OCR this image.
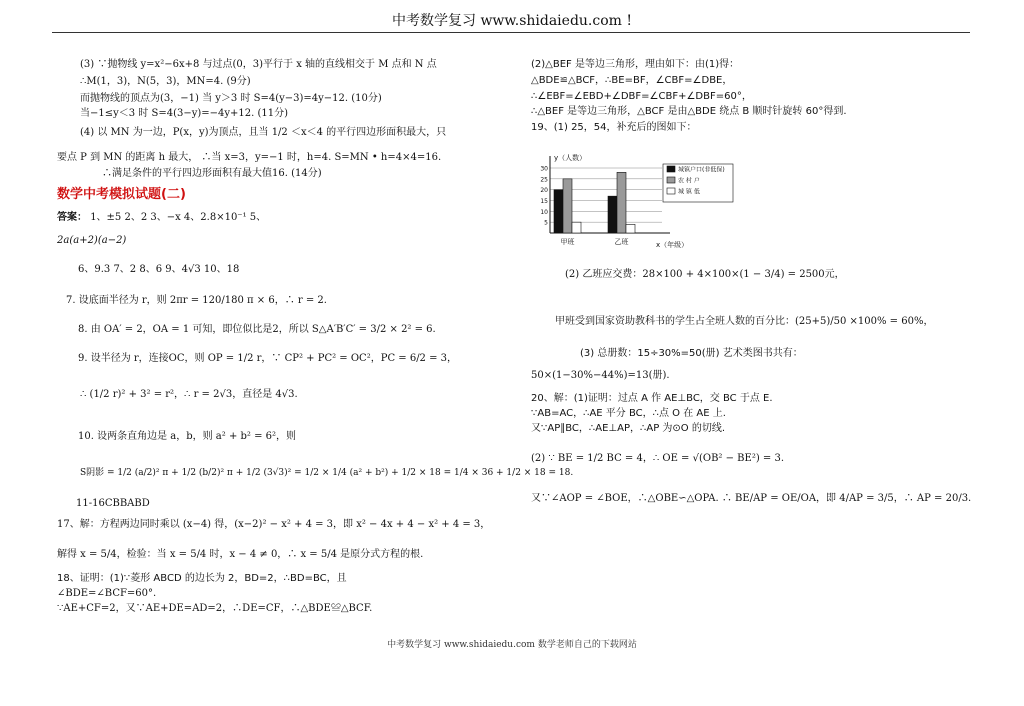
中考数学复习 www.shidaiedu.com !
(3) ∵抛物线 y=x²−6x+8 与过点(0，3)平行于 x 轴的直线相交于 M 点和 N 点
∴M(1，3)，N(5，3)，MN=4. (9分)
而抛物线的顶点为(3，−1) 当 y＞3 时 S=4(y−3)=4y−12. (10分)
当−1≤y＜3 时 S=4(3−y)=−4y+12. (11分)
(4) 以 MN 为一边，P(x，y)为顶点，且当 1/2 ＜x＜4 的平行四边形面积最大，只
要点 P 到 MN 的距离 h 最大， ∴当 x=3，y=−1 时，h=4. S=MN • h=4×4=16.
∴满足条件的平行四边形面积有最大值16. (14分)
数学中考模拟试题(二)
答案： 1、±5 2、2 3、−x 4、2.8×10⁻¹ 5、
2a(a+2)(a−2)
6、9.3 7、2 8、6 9、4√3 10、18
7. 设底面半径为 r，则 2πr = 120/180 π × 6，∴ r = 2.
8. 由 OA′ = 2，OA = 1 可知，即位似比是2，所以 S△A′B′C′ = 3/2 × 2² = 6.
9. 设半径为 r，连接OC，则 OP = 1/2 r，∵ CP² + PC² = OC²，PC = 6/2 = 3，
∴ (1/2 r)² + 3² = r²，∴ r = 2√3，直径是 4√3.
10. 设两条直角边是 a，b，则 a² + b² = 6²，则
S阴影 = 1/2 (a/2)² π + 1/2 (b/2)² π + 1/2 (3√3)² = 1/2 × 1/4 (a² + b²) + 1/2 × 18 = 1/4 × 36 + 1/2 × 18 = 18.
11-16CBBABD
17、解：方程两边同时乘以 (x−4) 得，(x−2)² − x² + 4 = 3，即 x² − 4x + 4 − x² + 4 = 3，
解得 x = 5/4，检验：当 x = 5/4 时，x − 4 ≠ 0，∴ x = 5/4 是原分式方程的根.
18、证明：(1)∵菱形 ABCD 的边长为 2，BD=2，∴BD=BC，且
∠BDE=∠BCF=60°.
∵AE+CF=2，又∵AE+DE=AD=2，∴DE=CF，∴△BDE≌△BCF.
(2)△BEF 是等边三角形，理由如下：由(1)得：
△BDE≌△BCF，∴BE=BF，∠CBF=∠DBE，
∴∠EBF=∠EBD+∠DBF=∠CBF+∠DBF=60°，
∴△BEF 是等边三角形，△BCF 是由△BDE 绕点 B 顺时针旋转 60°得到.
19、(1) 25，54，补充后的图如下：
30
25
20
15
10
5
y（人数）
x（年级）
甲班	乙班
城镇户口(非低保)
农 村 户
城 镇 低
(2) 乙班应交费：28×100 + 4×100×(1 − 3/4) = 2500元，
甲班受到国家资助教科书的学生占全班人数的百分比：(25+5)/50 ×100% = 60%，
(3) 总册数：15÷30%=50(册) 艺术类图书共有：
50×(1−30%−44%)=13(册).
20、解：(1)证明：过点 A 作 AE⊥BC，交 BC 于点 E.
∵AB=AC，∴AE 平分 BC，∴点 O 在 AE 上.
又∵AP∥BC，∴AE⊥AP，∴AP 为⊙O 的切线.
(2) ∵ BE = 1/2 BC = 4，∴ OE = √(OB² − BE²) = 3.
又∵∠AOP = ∠BOE，∴△OBE∽△OPA. ∴ BE/AP = OE/OA，即 4/AP = 3/5，∴ AP = 20/3.
中考数学复习 www.shidaiedu.com 数学老师自己的下载网站
